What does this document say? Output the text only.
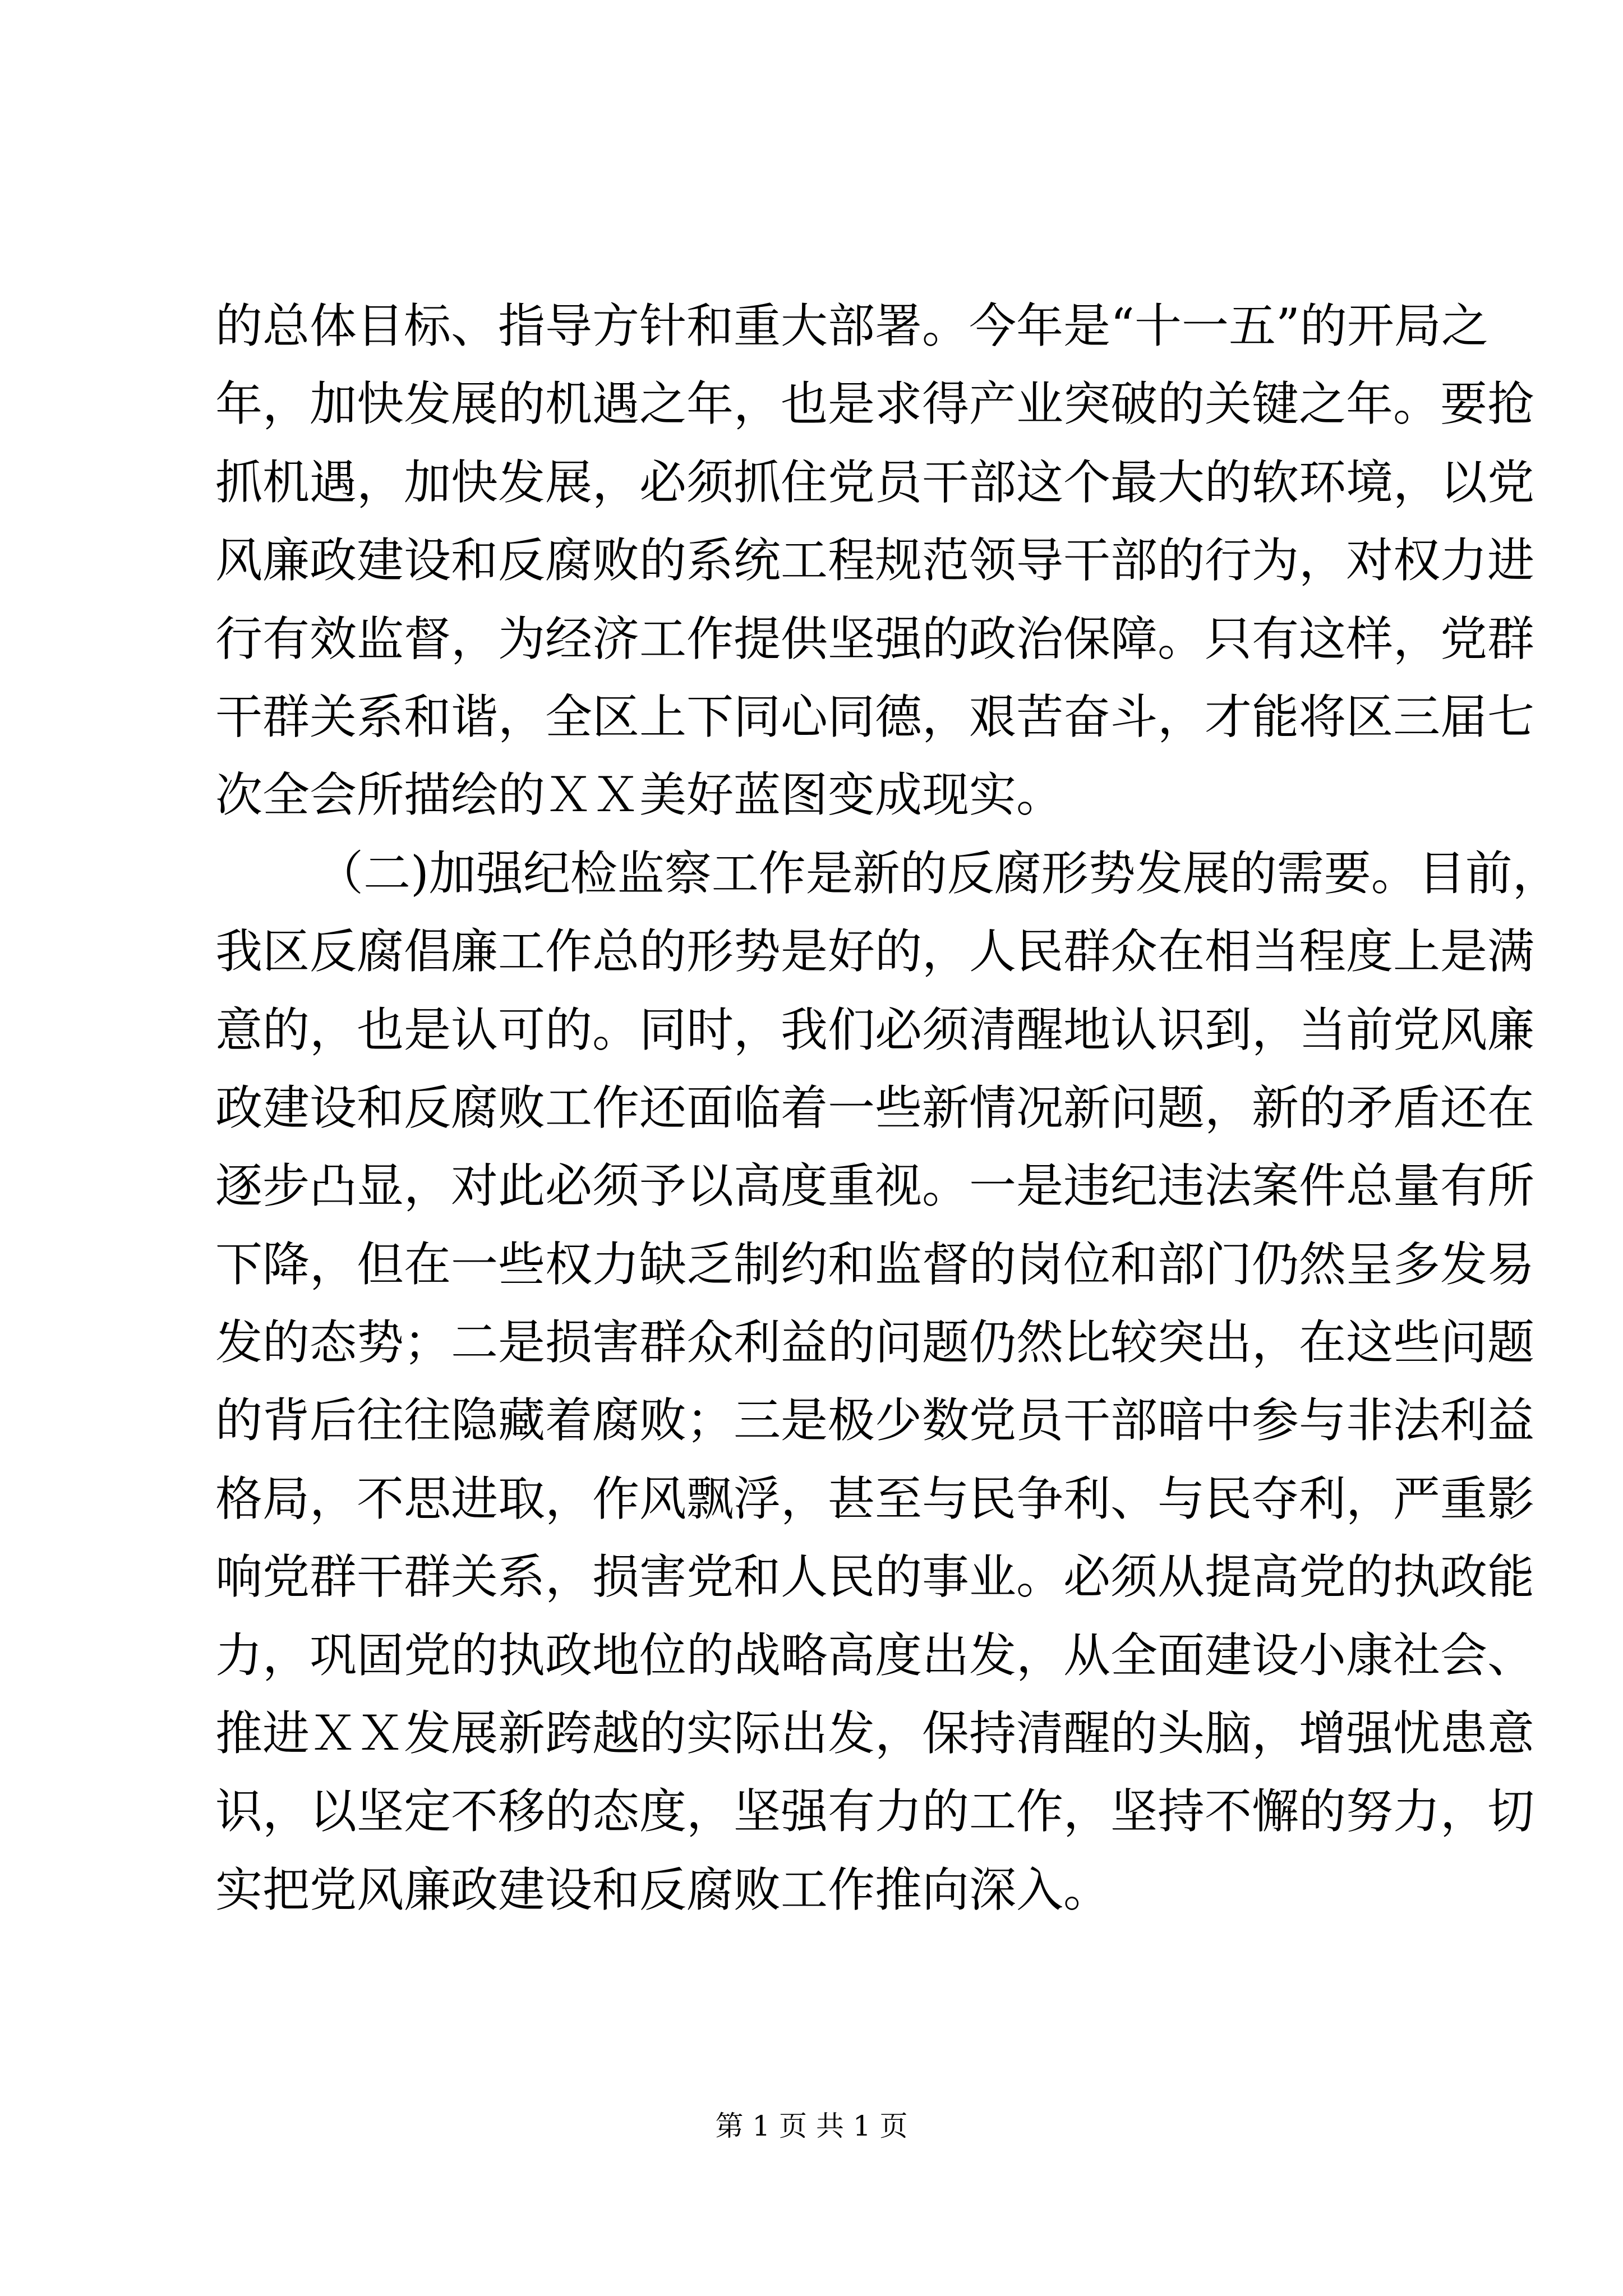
的总体目标、指导方针和重大部署。今年是“十一五”的开局之
年，加快发展的机遇之年，也是求得产业突破的关键之年。要抢
抓机遇，加快发展，必须抓住党员干部这个最大的软环境，以党
风廉政建设和反腐败的系统工程规范领导干部的行为，对权力进
行有效监督，为经济工作提供坚强的政治保障。只有这样，党群
干群关系和谐，全区上下同心同德，艰苦奋斗，才能将区三届七
次全会所描绘的ＸＸ美好蓝图变成现实。
（二)加强纪检监察工作是新的反腐形势发展的需要。目前，
我区反腐倡廉工作总的形势是好的，人民群众在相当程度上是满
意的，也是认可的。同时，我们必须清醒地认识到，当前党风廉
政建设和反腐败工作还面临着一些新情况新问题，新的矛盾还在
逐步凸显，对此必须予以高度重视。一是违纪违法案件总量有所
下降，但在一些权力缺乏制约和监督的岗位和部门仍然呈多发易
发的态势；二是损害群众利益的问题仍然比较突出，在这些问题
的背后往往隐藏着腐败；三是极少数党员干部暗中参与非法利益
格局，不思进取，作风飘浮，甚至与民争利、与民夺利，严重影
响党群干群关系，损害党和人民的事业。必须从提高党的执政能
力，巩固党的执政地位的战略高度出发，从全面建设小康社会、
推进ＸＸ发展新跨越的实际出发，保持清醒的头脑，增强忧患意
识，以坚定不移的态度，坚强有力的工作，坚持不懈的努力，切
实把党风廉政建设和反腐败工作推向深入。
第 1 页 共 1 页
